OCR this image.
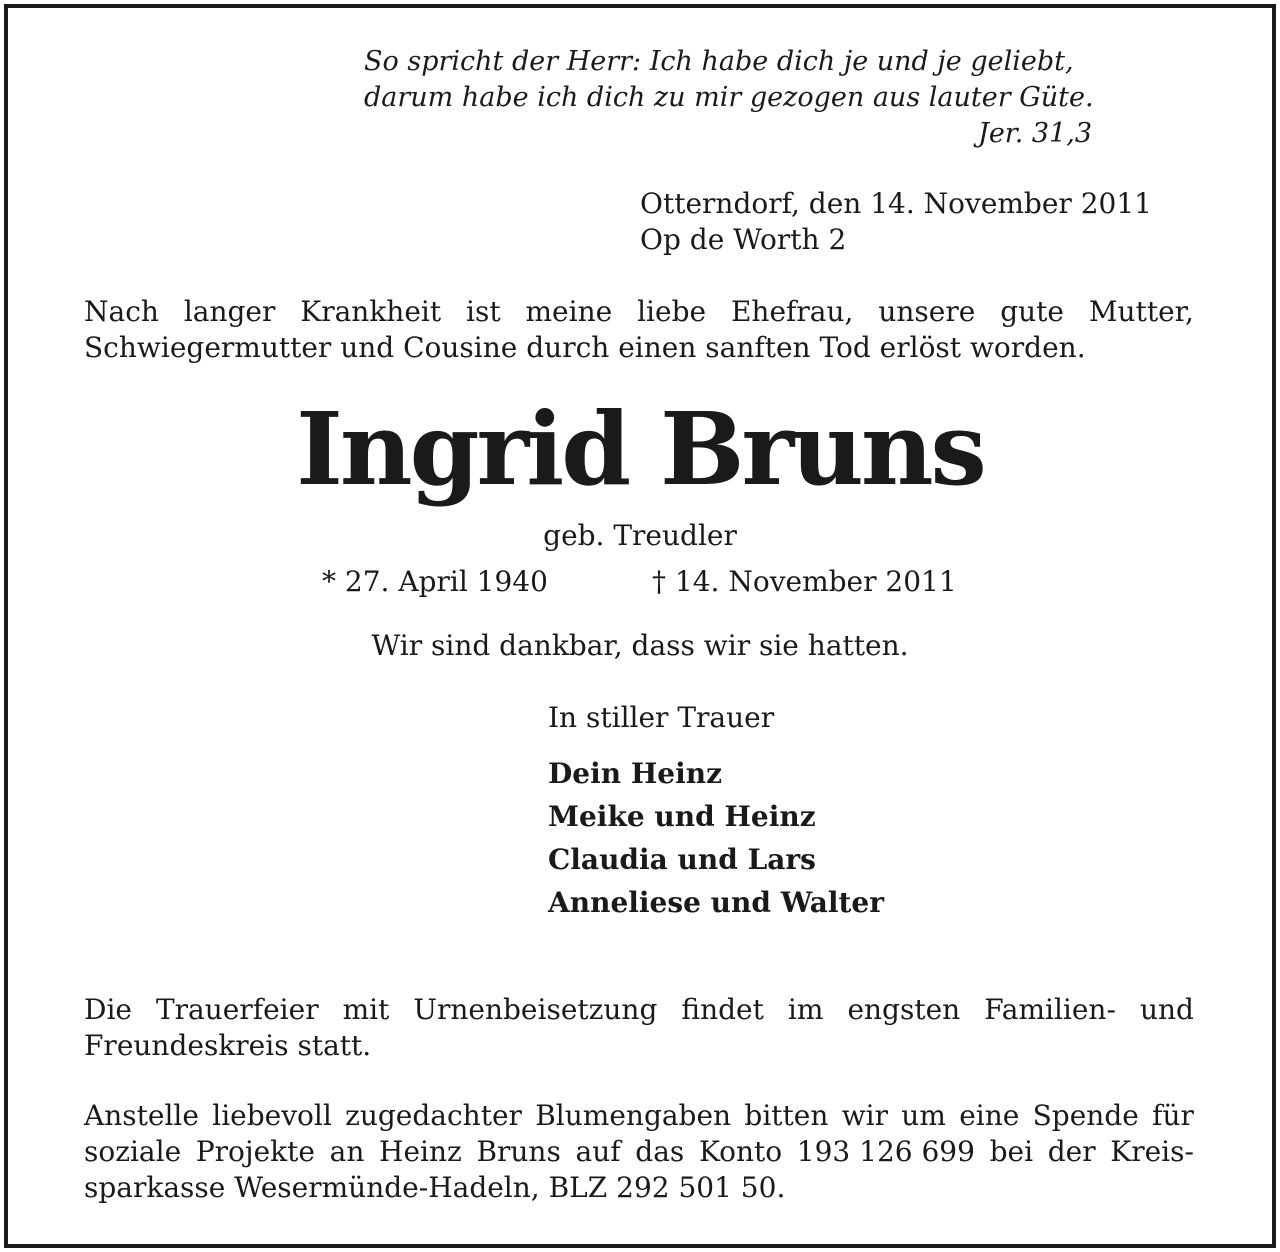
So spricht der Herr: Ich habe dich je und je geliebt,
darum habe ich dich zu mir gezogen aus lauter Güte.
Jer. 31,3
Otterndorf, den 14. November 2011
Op de Worth 2
Nach langer Krankheit ist meine liebe Ehefrau, unsere gute Mutter,
Schwiegermutter und Cousine durch einen sanften Tod erlöst worden.
Ingrid Bruns
geb. Treudler
* 27. April 1940	† 14. November 2011
Wir sind dankbar, dass wir sie hatten.
In stiller Trauer
Dein Heinz
Meike und Heinz
Claudia und Lars
Anneliese und Walter
Die Trauerfeier mit Urnenbeisetzung findet im engsten Familien- und
Freundeskreis statt.
Anstelle liebevoll zugedachter Blumengaben bitten wir um eine Spende für
soziale Projekte an Heinz Bruns auf das Konto 193 126 699 bei der Kreis-
sparkasse Wesermünde-Hadeln, BLZ 292 501 50.
